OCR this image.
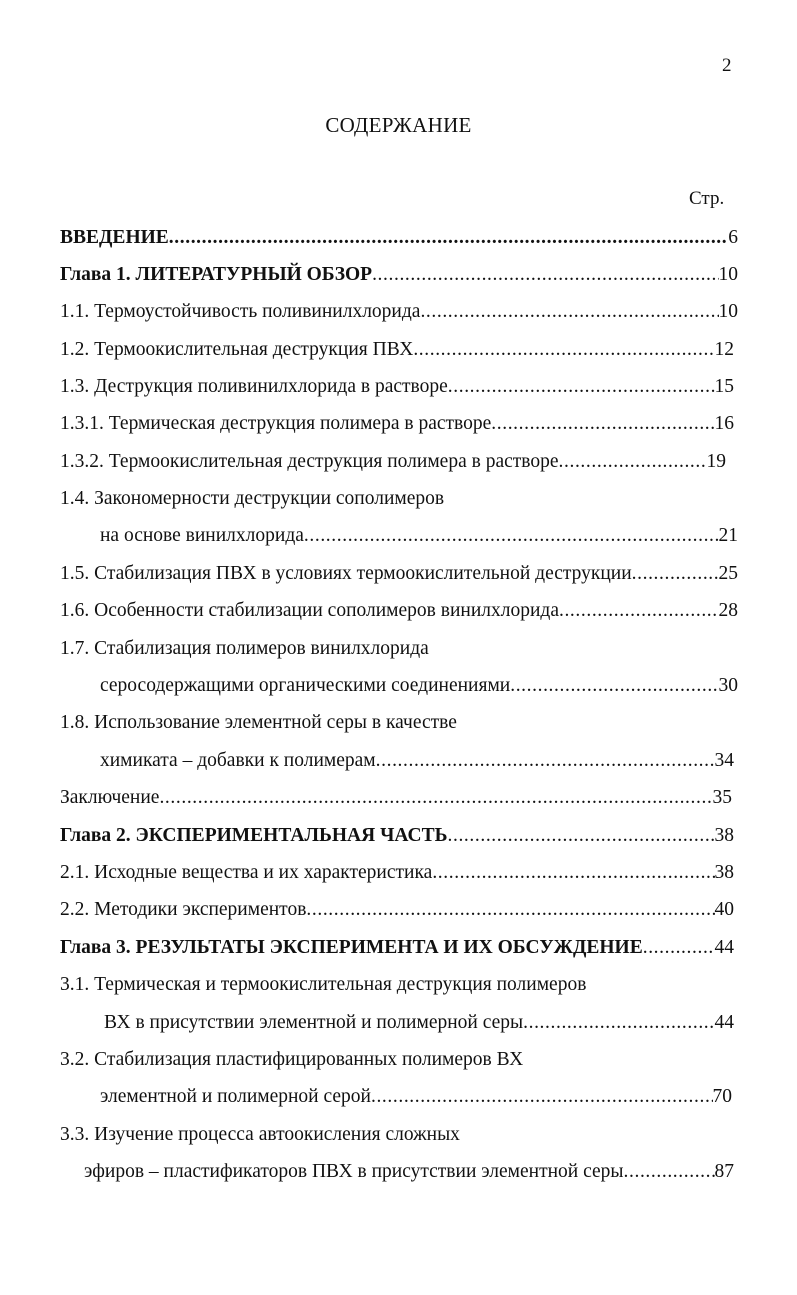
2
СОДЕРЖАНИЕ
Стр.
ВВЕДЕНИЕ .....	6
Глава 1. ЛИТЕРАТУРНЫЙ ОБЗОР .....	10
1.1. Термоустойчивость поливинилхлорида .....	10
1.2. Термоокислительная деструкция ПВХ .....	12
1.3. Деструкция поливинилхлорида в растворе .....	15
1.3.1. Термическая деструкция полимера в растворе .....	16
1.3.2. Термоокислительная деструкция полимера в растворе .....	19
1.4. Закономерности деструкции сополимеров
на основе винилхлорида .....	21
1.5. Стабилизация ПВХ в условиях термоокислительной деструкции .....	25
1.6. Особенности стабилизации сополимеров винилхлорида .....	28
1.7. Стабилизация полимеров винилхлорида
серосодержащими органическими соединениями .....	30
1.8. Использование элементной серы в качестве
химиката – добавки к полимерам .....	34
Заключение .....	35
Глава 2. ЭКСПЕРИМЕНТАЛЬНАЯ ЧАСТЬ .....	38
2.1. Исходные вещества и их характеристика .....	38
2.2. Методики экспериментов .....	40
Глава 3. РЕЗУЛЬТАТЫ ЭКСПЕРИМЕНТА И ИХ ОБСУЖДЕНИЕ .....	44
3.1. Термическая и термоокислительная деструкция полимеров
ВХ в присутствии элементной и полимерной серы .....	44
3.2. Стабилизация пластифицированных полимеров ВХ
элементной и полимерной серой .....	70
3.3. Изучение процесса автоокисления сложных
эфиров – пластификаторов ПВХ в присутствии элементной серы .....	87
